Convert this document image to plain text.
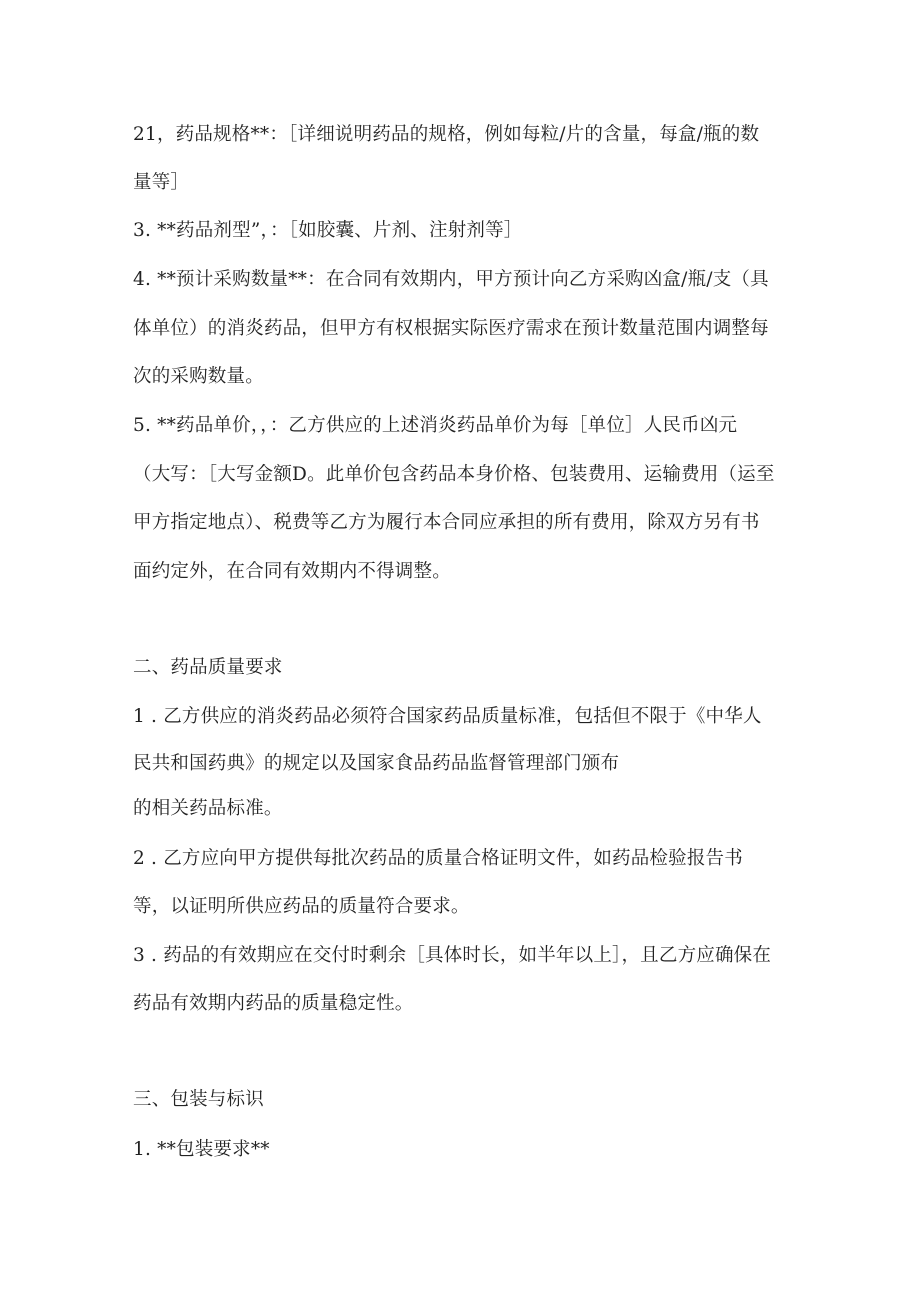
21，药品规格**：［详细说明药品的规格，例如每粒/片的含量，每盒/瓶的数
量等］
3. **药品剂型”，：［如胶囊、片剂、注射剂等］
4. **预计采购数量**：在合同有效期内，甲方预计向乙方采购凶盒/瓶/支（具
体单位）的消炎药品，但甲方有权根据实际医疗需求在预计数量范围内调整每
次的采购数量。
5. **药品单价，，：乙方供应的上述消炎药品单价为每［单位］人民币凶元
（大写：［大写金额D。此单价包含药品本身价格、包装费用、运输费用（运至
甲方指定地点）、税费等乙方为履行本合同应承担的所有费用，除双方另有书
面约定外，在合同有效期内不得调整。
二、药品质量要求
1 . 乙方供应的消炎药品必须符合国家药品质量标准，包括但不限于《中华人
民共和国药典》的规定以及国家食品药品监督管理部门颁布
的相关药品标准。
2 . 乙方应向甲方提供每批次药品的质量合格证明文件，如药品检验报告书
等，以证明所供应药品的质量符合要求。
3 . 药品的有效期应在交付时剩余［具体时长，如半年以上］，且乙方应确保在
药品有效期内药品的质量稳定性。
三、包装与标识
1. **包装要求**
